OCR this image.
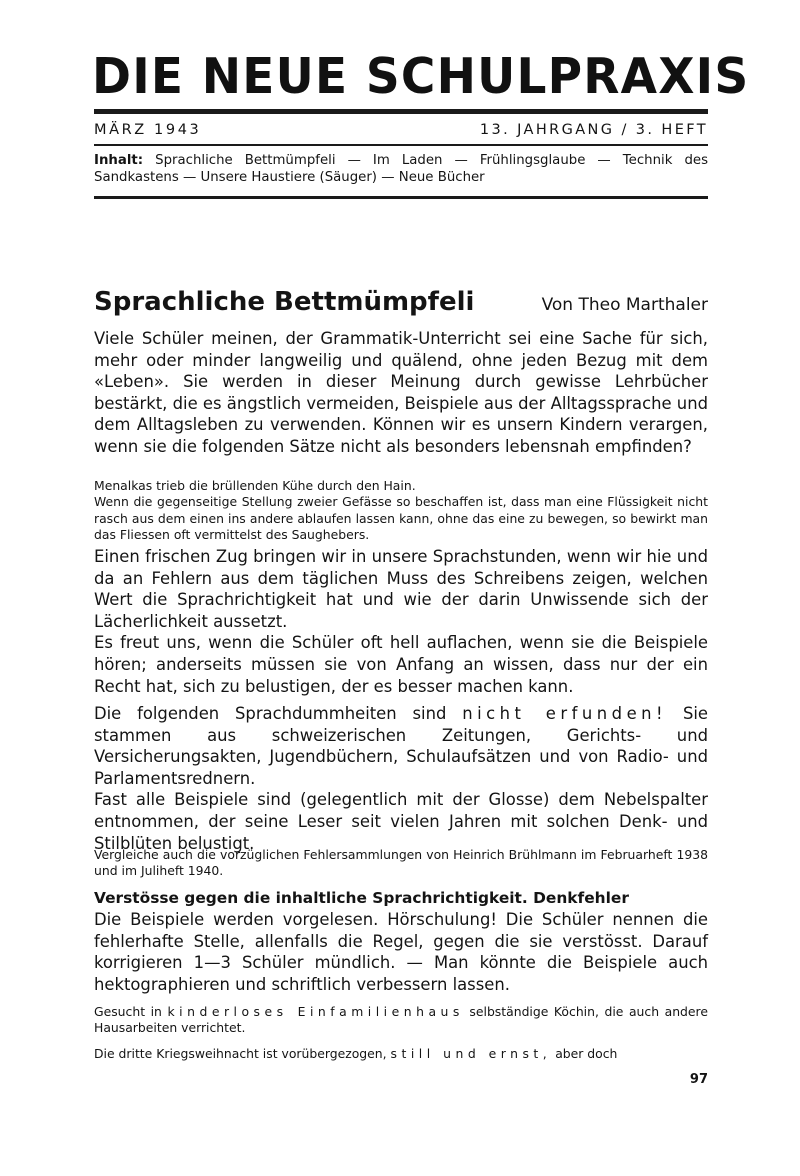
DIE NEUE SCHULPRAXIS
MÄRZ 1943	13. JAHRGANG / 3. HEFT
Inhalt: Sprachliche Bettmümpfeli — Im Laden — Frühlingsglaube — Technik des Sandkastens — Unsere Haustiere (Säuger) — Neue Bücher
Sprachliche Bettmümpfeli	Von Theo Marthaler

Viele Schüler meinen, der Grammatik-Unterricht sei eine Sache für sich, mehr oder minder langweilig und quälend, ohne jeden Bezug mit dem «Leben». Sie werden in dieser Meinung durch gewisse Lehrbücher bestärkt, die es ängstlich vermeiden, Beispiele aus der Alltagssprache und dem Alltagsleben zu verwenden. Können wir es unsern Kindern verargen, wenn sie die folgenden Sätze nicht als besonders lebensnah empfinden?

Menalkas trieb die brüllenden Kühe durch den Hain.

Wenn die gegenseitige Stellung zweier Gefässe so beschaffen ist, dass man eine Flüssigkeit nicht rasch aus dem einen ins andere ablaufen lassen kann, ohne das eine zu bewegen, so bewirkt man das Fliessen oft vermittelst des Saughebers.

Einen frischen Zug bringen wir in unsere Sprachstunden, wenn wir hie und da an Fehlern aus dem täglichen Muss des Schreibens zeigen, welchen Wert die Sprachrichtigkeit hat und wie der darin Unwissende sich der Lächerlichkeit aussetzt.

Es freut uns, wenn die Schüler oft hell auflachen, wenn sie die Beispiele hören; anderseits müssen sie von Anfang an wissen, dass nur der ein Recht hat, sich zu belustigen, der es besser machen kann.

Die folgenden Sprachdummheiten sind nicht erfunden! Sie stammen aus schweizerischen Zeitungen, Gerichts- und Versicherungsakten, Jugendbüchern, Schulaufsätzen und von Radio- und Parlamentsrednern.

Fast alle Beispiele sind (gelegentlich mit der Glosse) dem Nebelspalter entnommen, der seine Leser seit vielen Jahren mit solchen Denk- und Stilblüten belustigt.

Vergleiche auch die vorzüglichen Fehlersammlungen von Heinrich Brühlmann im Februarheft 1938 und im Juliheft 1940.

Verstösse gegen die inhaltliche Sprachrichtigkeit. Denkfehler

Die Beispiele werden vorgelesen. Hörschulung! Die Schüler nennen die fehlerhafte Stelle, allenfalls die Regel, gegen die sie verstösst. Darauf korrigieren 1—3 Schüler mündlich. — Man könnte die Beispiele auch hektographieren und schriftlich verbessern lassen.

Gesucht in kinderloses Einfamilienhaus selbständige Köchin, die auch andere Hausarbeiten verrichtet.

Die dritte Kriegsweihnacht ist vorübergezogen, still und ernst, aber doch

97
